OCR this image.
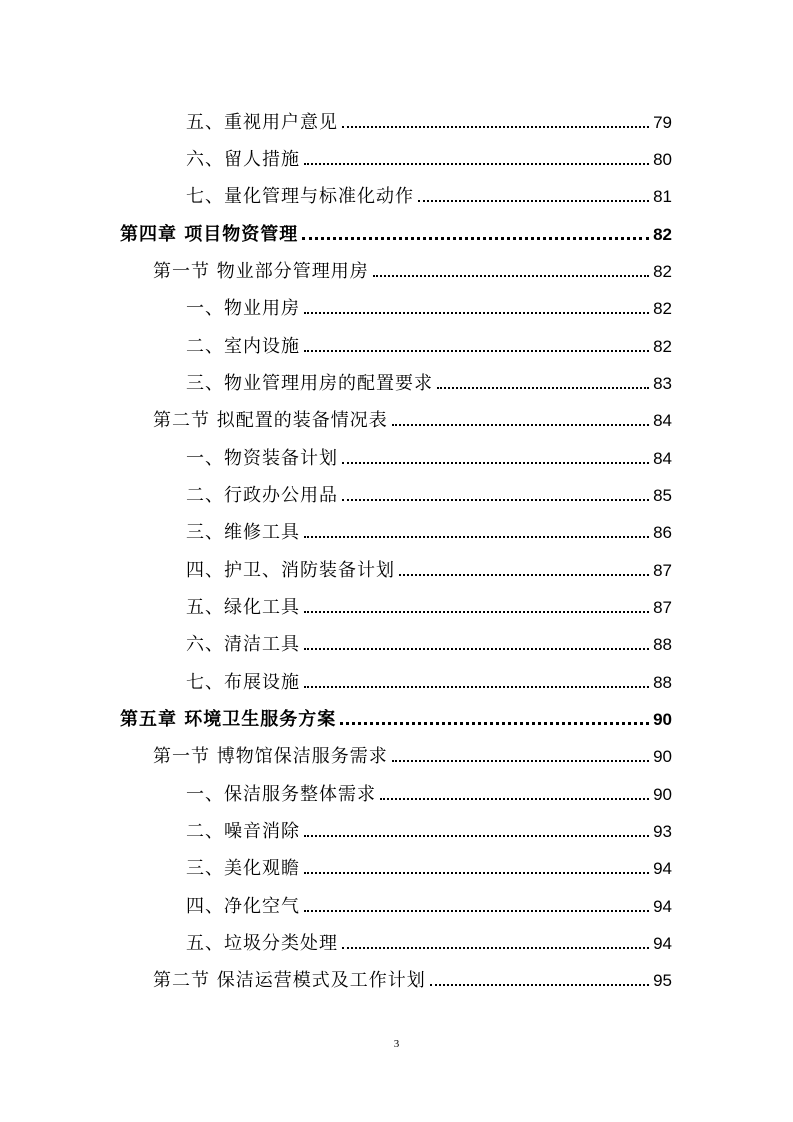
五、重视用户意见	79
六、留人措施	80
七、量化管理与标准化动作	81
第四章 项目物资管理	82
第一节 物业部分管理用房	82
一、物业用房	82
二、室内设施	82
三、物业管理用房的配置要求	83
第二节 拟配置的装备情况表	84
一、物资装备计划	84
二、行政办公用品	85
三、维修工具	86
四、护卫、消防装备计划	87
五、绿化工具	87
六、清洁工具	88
七、布展设施	88
第五章 环境卫生服务方案	90
第一节 博物馆保洁服务需求	90
一、保洁服务整体需求	90
二、噪音消除	93
三、美化观瞻	94
四、净化空气	94
五、垃圾分类处理	94
第二节 保洁运营模式及工作计划	95
3
